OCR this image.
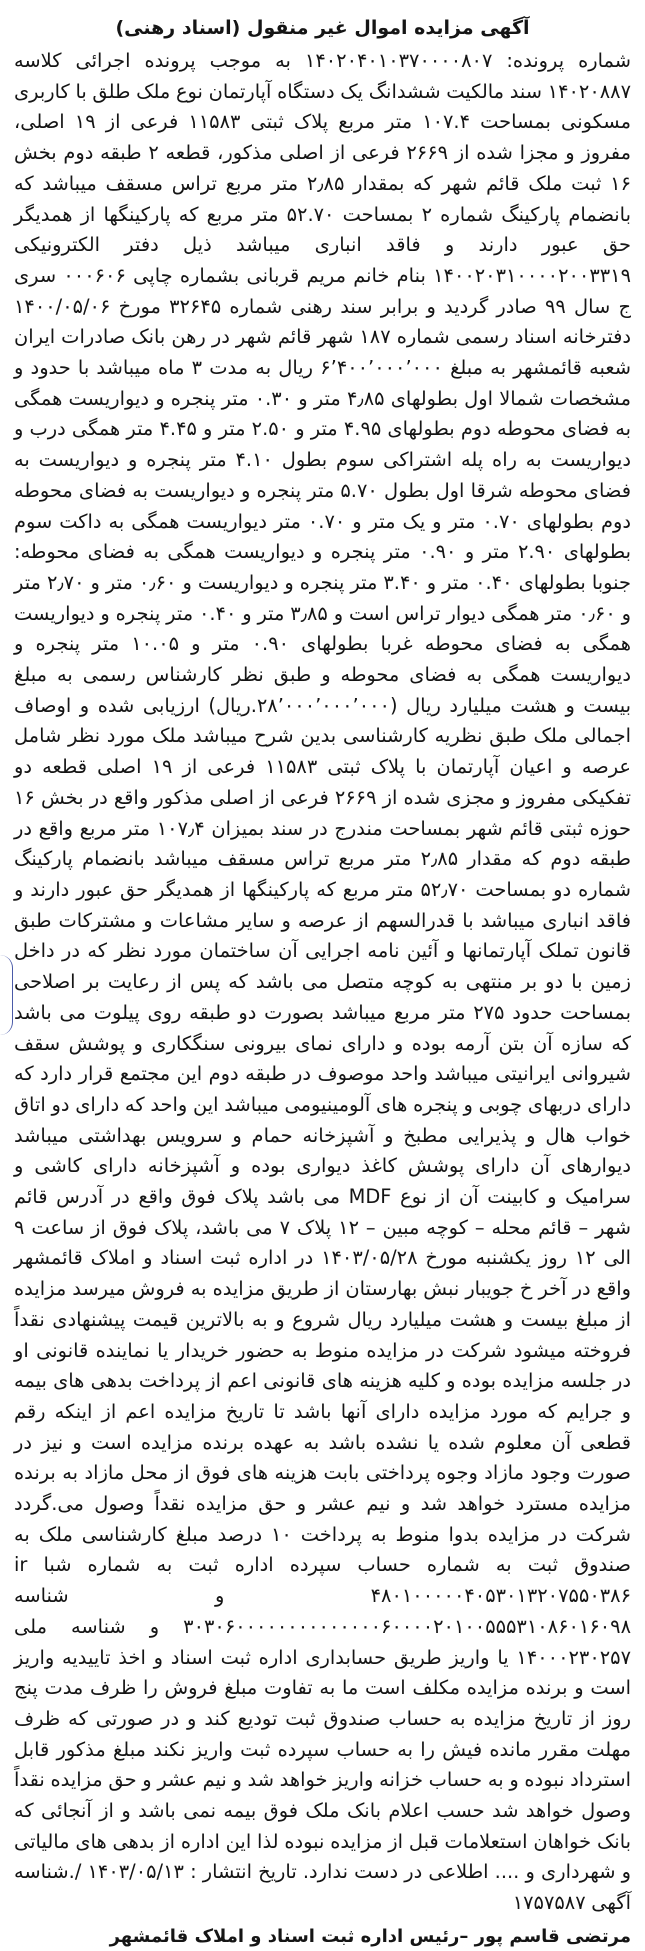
آگهی مزایده اموال غیر منقول (اسناد رهنی)

شماره پرونده: ۱۴۰۲۰۴۰۱۰۳۷۰۰۰۰۸۰۷ به موجب پرونده اجرائی کلاسه ۱۴۰۲۰۸۸۷ سند مالکیت ششدانگ یک دستگاه آپارتمان نوع ملک طلق با کاربری مسکونی بمساحت ۱۰۷.۴ متر مربع پلاک ثبتی ۱۱۵۸۳ فرعی از ۱۹ اصلی، مفروز و مجزا شده از ۲۶۶۹ فرعی از اصلی مذکور، قطعه ۲ طبقه دوم بخش ۱۶ ثبت ملک قائم شهر که بمقدار ۲٫۸۵ متر مربع تراس مسقف میباشد که بانضمام پارکینگ شماره ۲ بمساحت ۵۲.۷۰ متر مربع که پارکینگها از همدیگر حق عبور دارند و فاقد انباری میباشد ذیل دفتر الکترونیکی ۱۴۰۰۲۰۳۱۰۰۰۰۲۰۰۳۳۱۹ بنام خانم مریم قربانی بشماره چاپی ۰۰۰۶۰۶ سری ج سال ۹۹ صادر گردید و برابر سند رهنی شماره ۳۲۶۴۵ مورخ ۱۴۰۰/۰۵/۰۶ دفترخانه اسناد رسمی شماره ۱۸۷ شهر قائم شهر در رهن بانک صادرات ایران شعبه قائمشهر به مبلغ ۶٬۴۰۰٬۰۰۰٬۰۰۰ ریال به مدت ۳ ماه میباشد با حدود و مشخصات شمالا اول بطولهای ۴٫۸۵ متر و ۰.۳۰ متر پنجره و دیواریست همگی به فضای محوطه دوم بطولهای ۴.۹۵ متر و ۲.۵۰ متر و ۴.۴۵ متر همگی درب و دیواریست به راه پله اشتراکی سوم بطول ۴.۱۰ متر پنجره و دیواریست به فضای محوطه شرقا اول بطول ۵.۷۰ متر پنجره و دیواریست به فضای محوطه دوم بطولهای ۰.۷۰ متر و یک متر و ۰.۷۰ متر دیواریست همگی به داکت سوم بطولهای ۲.۹۰ متر و ۰.۹۰ متر پنجره و دیواریست همگی به فضای محوطه: جنوبا بطولهای ۰.۴۰ متر و ۳.۴۰ متر پنجره و دیواریست و ۰٫۶۰ متر و ۲٫۷۰ متر و ۰٫۶۰ متر همگی دیوار تراس است و ۳٫۸۵ متر و ۰.۴۰ متر پنجره و دیواریست همگی به فضای محوطه غربا بطولهای ۰.۹۰ متر و ۱۰.۰۵ متر پنجره و دیواریست همگی به فضای محوطه و طبق نظر کارشناس رسمی به مبلغ بیست و هشت میلیارد ریال (۲۸٬۰۰۰٬۰۰۰٬۰۰۰.ریال) ارزیابی شده و اوصاف اجمالی ملک طبق نظریه کارشناسی بدین شرح میباشد ملک مورد نظر شامل عرصه و اعیان آپارتمان با پلاک ثبتی ۱۱۵۸۳ فرعی از ۱۹ اصلی قطعه دو تفکیکی مفروز و مجزی شده از ۲۶۶۹ فرعی از اصلی مذکور واقع در بخش ۱۶ حوزه ثبتی قائم شهر بمساحت مندرج در سند بمیزان ۱۰۷٫۴ متر مربع واقع در طبقه دوم که مقدار ۲٫۸۵ متر مربع تراس مسقف میباشد بانضمام پارکینگ شماره دو بمساحت ۵۲٫۷۰ متر مربع که پارکینگها از همدیگر حق عبور دارند و فاقد انباری میباشد با قدرالسهم از عرصه و سایر مشاعات و مشترکات طبق قانون تملک آپارتمانها و آئین نامه اجرایی آن ساختمان مورد نظر که در داخل زمین با دو بر منتهی به کوچه متصل می باشد که پس از رعایت بر اصلاحی بمساحت حدود ۲۷۵ متر مربع میباشد بصورت دو طبقه روی پیلوت می باشد که سازه آن بتن آرمه بوده و دارای نمای بیرونی سنگکاری و پوشش سقف شیروانی ایرانیتی میباشد واحد موصوف در طبقه دوم این مجتمع قرار دارد که دارای دربهای چوبی و پنجره های آلومینیومی میباشد این واحد که دارای دو اتاق خواب هال و پذیرایی مطبخ و آشپزخانه حمام و سرویس بهداشتی میباشد دیوارهای آن دارای پوشش کاغذ دیواری بوده و آشپزخانه دارای کاشی و سرامیک و کابینت آن از نوع MDF می باشد پلاک فوق واقع در آدرس قائم شهر – قائم محله – کوچه مبین – ۱۲ پلاک ۷ می باشد، پلاک فوق از ساعت ۹ الی ۱۲ روز یکشنبه مورخ ۱۴۰۳/۰۵/۲۸ در اداره ثبت اسناد و املاک قائمشهر واقع در آخر خ جویبار نبش بهارستان از طریق مزایده به فروش میرسد مزایده از مبلغ بیست و هشت میلیارد ریال شروع و به بالاترین قیمت پیشنهادی نقداً فروخته میشود شرکت در مزایده منوط به حضور خریدار یا نماینده قانونی او در جلسه مزایده بوده و کلیه هزینه های قانونی اعم از پرداخت بدهی های بیمه و جرایم که مورد مزایده دارای آنها باشد تا تاریخ مزایده اعم از اینکه رقم قطعی آن معلوم شده یا نشده باشد به عهده برنده مزایده است و نیز در صورت وجود مازاد وجوه پرداختی بابت هزینه های فوق از محل مازاد به برنده مزایده مسترد خواهد شد و نیم عشر و حق مزایده نقداً وصول می.گردد شرکت در مزایده بدوا منوط به پرداخت ۱۰ درصد مبلغ کارشناسی ملک به صندوق ثبت به شماره حساب سپرده اداره ثبت به شماره شبا ir ۴۸۰۱۰۰۰۰۰۴۰۵۳۰۱۳۲۰۷۵۵۰۳۸۶ و شناسه ۳۰۳۰۶۰۰۰۰۰۰۰۰۰۰۰۰۰۰۶۰۰۰۰۲۰۱۰۰۵۵۵۳۱۰۸۶۰۱۶۰۹۸ و شناسه ملی ۱۴۰۰۰۲۳۰۲۵۷ یا واریز طریق حسابداری اداره ثبت اسناد و اخذ تاییدیه واریز است و برنده مزایده مکلف است ما به تفاوت مبلغ فروش را ظرف مدت پنج روز از تاریخ مزایده به حساب صندوق ثبت تودیع کند و در صورتی که ظرف مهلت مقرر مانده فیش را به حساب سپرده ثبت واریز نکند مبلغ مذکور قابل استرداد نبوده و به حساب خزانه واریز خواهد شد و نیم عشر و حق مزایده نقداً وصول خواهد شد حسب اعلام بانک ملک فوق بیمه نمی باشد و از آنجائی که بانک خواهان استعلامات قبل از مزایده نبوده لذا این اداره از بدهی های مالیاتی و شهرداری و .... اطلاعی در دست ندارد. تاریخ انتشار : ۱۴۰۳/۰۵/۱۳ /.شناسه آگهی ۱۷۵۷۵۸۷

مرتضی قاسم پور –رئیس اداره ثبت اسناد و املاک قائمشهر
